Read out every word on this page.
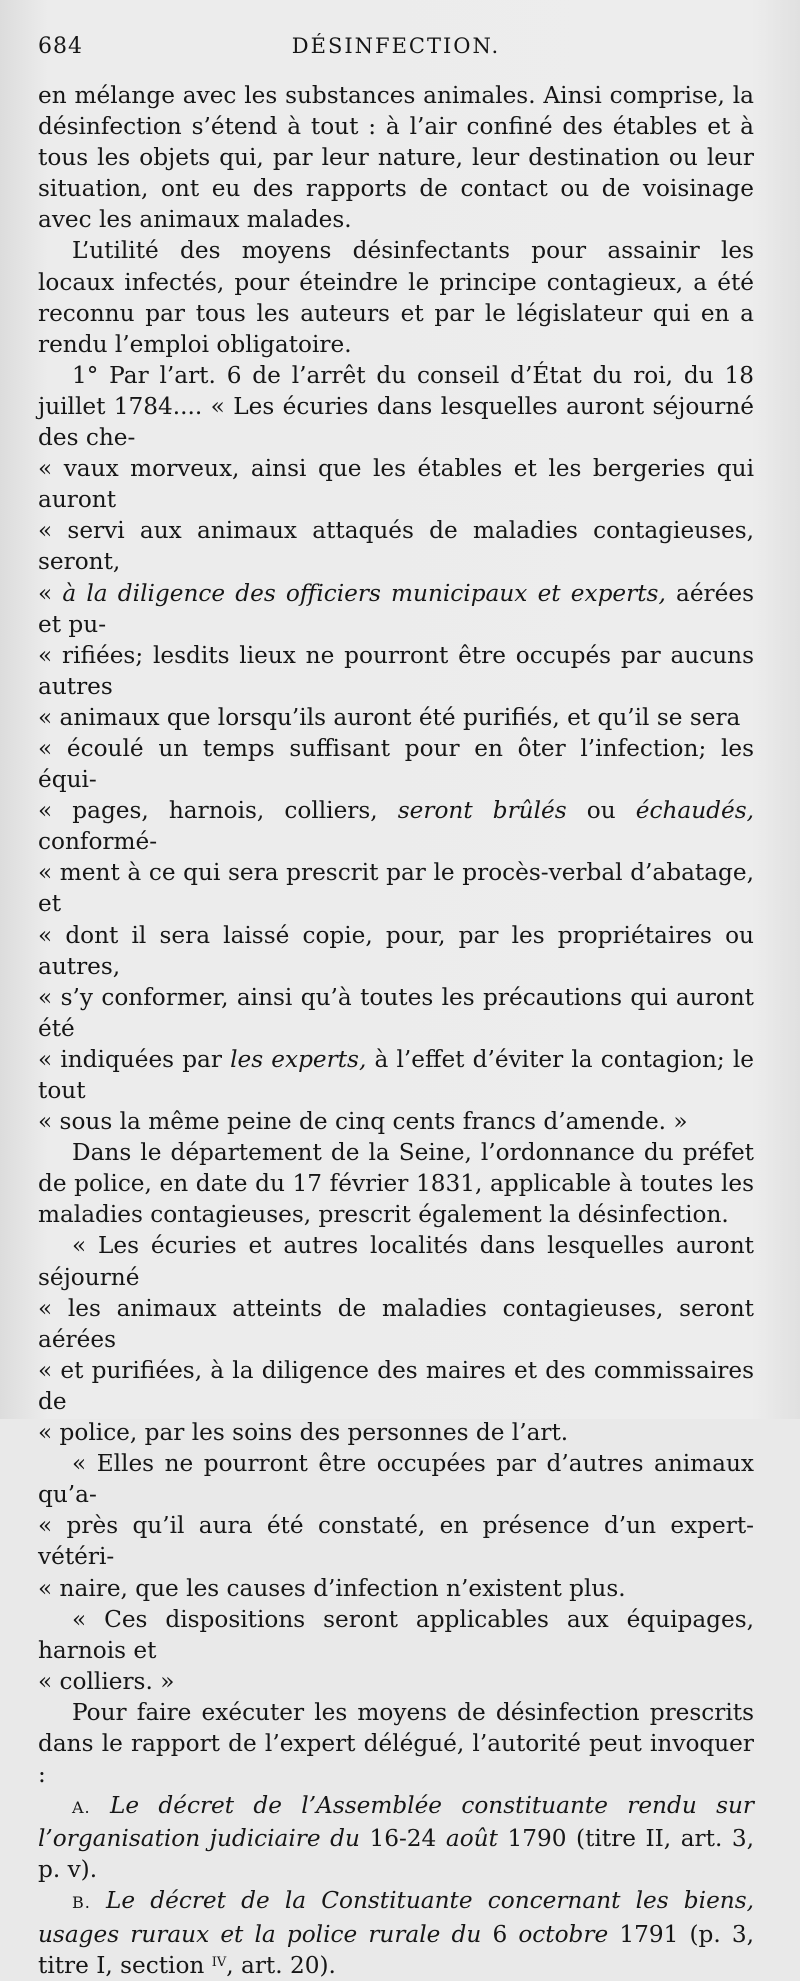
684	DÉSINFECTION.

en mélange avec les substances animales. Ainsi comprise, la désinfection s’étend à tout : à l’air confiné des étables et à tous les objets qui, par leur nature, leur destination ou leur situation, ont eu des rapports de contact ou de voisinage avec les animaux malades.

L’utilité des moyens désinfectants pour assainir les locaux infectés, pour éteindre le principe contagieux, a été reconnu par tous les auteurs et par le législateur qui en a rendu l’emploi obligatoire.

1° Par l’art. 6 de l’arrêt du conseil d’État du roi, du 18 juillet 1784.... « Les écuries dans lesquelles auront séjourné des che-

« vaux morveux, ainsi que les étables et les bergeries qui auront
« servi aux animaux attaqués de maladies contagieuses, seront,
« à la diligence des officiers municipaux et experts, aérées et pu-
« rifiées; lesdits lieux ne pourront être occupés par aucuns autres
« animaux que lorsqu’ils auront été purifiés, et qu’il se sera
« écoulé un temps suffisant pour en ôter l’infection; les équi-
« pages, harnois, colliers, seront brûlés ou échaudés, conformé-
« ment à ce qui sera prescrit par le procès-verbal d’abatage, et
« dont il sera laissé copie, pour, par les propriétaires ou autres,
« s’y conformer, ainsi qu’à toutes les précautions qui auront été
« indiquées par les experts, à l’effet d’éviter la contagion; le tout
« sous la même peine de cinq cents francs d’amende. »

Dans le département de la Seine, l’ordonnance du préfet de police, en date du 17 février 1831, applicable à toutes les maladies contagieuses, prescrit également la désinfection.

« Les écuries et autres localités dans lesquelles auront séjourné
« les animaux atteints de maladies contagieuses, seront aérées
« et purifiées, à la diligence des maires et des commissaires de
« police, par les soins des personnes de l’art.
« Elles ne pourront être occupées par d’autres animaux qu’a-
« près qu’il aura été constaté, en présence d’un expert-vétéri-
« naire, que les causes d’infection n’existent plus.
« Ces dispositions seront applicables aux équipages, harnois et
« colliers. »

Pour faire exécuter les moyens de désinfection prescrits dans le rapport de l’expert délégué, l’autorité peut invoquer :

A. Le décret de l’Assemblée constituante rendu sur l’organisation judiciaire du 16-24 août 1790 (titre II, art. 3, p. v).

B. Le décret de la Constituante concernant les biens, usages ruraux et la police rurale du 6 octobre 1791 (p. 3, titre I, section $^{IV}$, art. 20).
